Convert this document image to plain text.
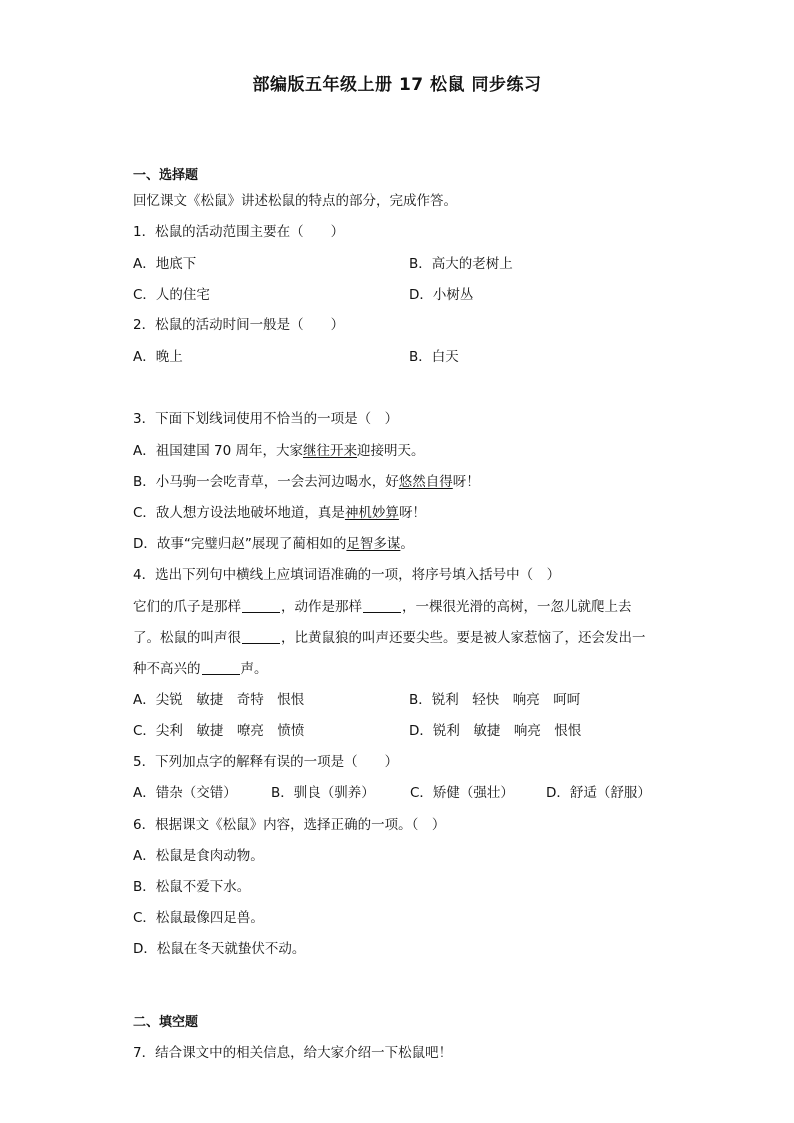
部编版五年级上册 17 松鼠 同步练习
一、选择题
回忆课文《松鼠》讲述松鼠的特点的部分，完成作答。
1．松鼠的活动范围主要在（　　）
A．地底下	B．高大的老树上
C．人的住宅	D．小树丛
2．松鼠的活动时间一般是（　　）
A．晚上	B．白天
3．下面下划线词使用不恰当的一项是（　）
A．祖国建国 70 周年，大家继往开来迎接明天。
B．小马驹一会吃青草，一会去河边喝水，好悠然自得呀！
C．敌人想方设法地破坏地道，真是神机妙算呀！
D．故事“完璧归赵”展现了蔺相如的足智多谋。
4．选出下列句中横线上应填词语准确的一项，将序号填入括号中（　）
它们的爪子是那样	，动作是那样	，一棵很光滑的高树，一忽儿就爬上去
了。松鼠的叫声很	，比黄鼠狼的叫声还要尖些。要是被人家惹恼了，还会发出一
种不高兴的	声。
A．尖锐　敏捷　奇特　恨恨	B．锐利　轻快　响亮　呵呵
C．尖利　敏捷　嘹亮　愤愤	D．锐利　敏捷　响亮　恨恨
5．下列加点字的解释有误的一项是（　　）
A．错杂（交错）	B．驯良（驯养）	C．矫健（强壮） D．舒适（舒服）
6．根据课文《松鼠》内容，选择正确的一项。（　）
A．松鼠是食肉动物。
B．松鼠不爱下水。
C．松鼠最像四足兽。
D．松鼠在冬天就蛰伏不动。
二、填空题
7．结合课文中的相关信息，给大家介绍一下松鼠吧！
